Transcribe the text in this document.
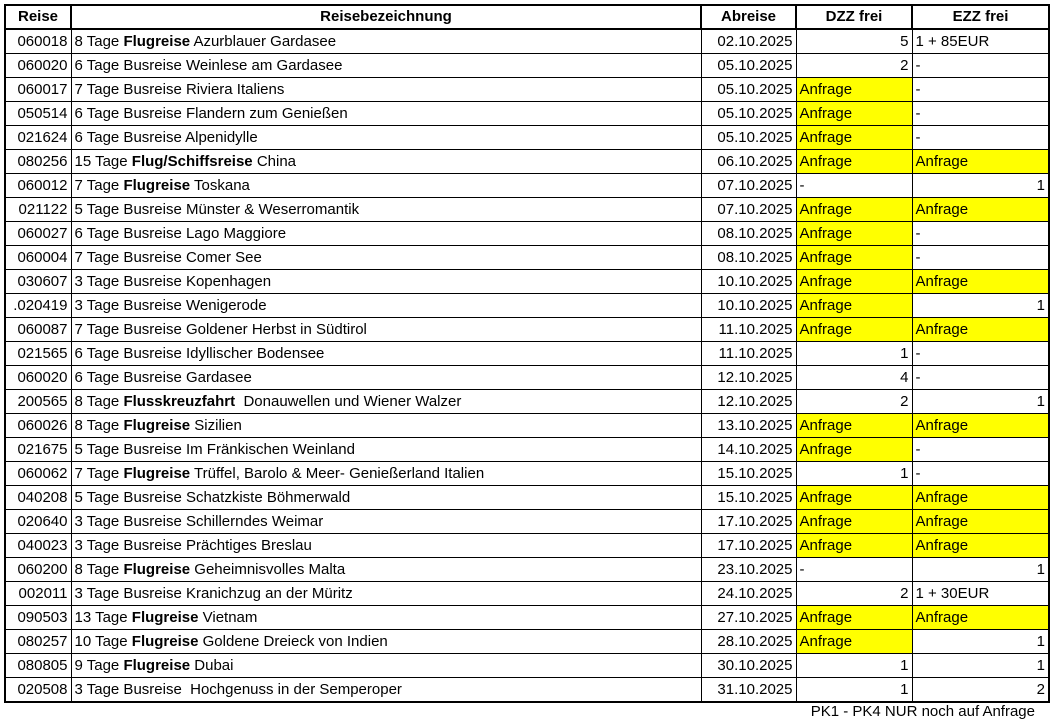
Reise	Reisebezeichnung	Abreise	DZZ frei	EZZ frei
060018	8 Tage Flugreise Azurblauer Gardasee	02.10.2025	5	1 + 85EUR
060020	6 Tage Busreise Weinlese am Gardasee	05.10.2025	2	-
060017	7 Tage Busreise Riviera Italiens	05.10.2025	Anfrage	-
050514	6 Tage Busreise Flandern zum Genießen	05.10.2025	Anfrage	-
021624	6 Tage Busreise Alpenidylle	05.10.2025	Anfrage	-
080256	15 Tage Flug/Schiffsreise China	06.10.2025	Anfrage	Anfrage
060012	7 Tage Flugreise Toskana	07.10.2025	-	1
021122	5 Tage Busreise Münster & Weserromantik	07.10.2025	Anfrage	Anfrage
060027	6 Tage Busreise Lago Maggiore	08.10.2025	Anfrage	-
060004	7 Tage Busreise Comer See	08.10.2025	Anfrage	-
030607	3 Tage Busreise Kopenhagen	10.10.2025	Anfrage	Anfrage
.020419	3 Tage Busreise Wenigerode	10.10.2025	Anfrage	1
060087	7 Tage Busreise Goldener Herbst in Südtirol	11.10.2025	Anfrage	Anfrage
021565	6 Tage Busreise Idyllischer Bodensee	11.10.2025	1	-
060020	6 Tage Busreise Gardasee	12.10.2025	4	-
200565	8 Tage Flusskreuzfahrt  Donauwellen und Wiener Walzer	12.10.2025	2	1
060026	8 Tage Flugreise Sizilien	13.10.2025	Anfrage	Anfrage
021675	5 Tage Busreise Im Fränkischen Weinland	14.10.2025	Anfrage	-
060062	7 Tage Flugreise Trüffel, Barolo & Meer- Genießerland Italien	15.10.2025	1	-
040208	5 Tage Busreise Schatzkiste Böhmerwald	15.10.2025	Anfrage	Anfrage
020640	3 Tage Busreise Schillerndes Weimar	17.10.2025	Anfrage	Anfrage
040023	3 Tage Busreise Prächtiges Breslau	17.10.2025	Anfrage	Anfrage
060200	8 Tage Flugreise Geheimnisvolles Malta	23.10.2025	-	1
002011	3 Tage Busreise Kranichzug an der Müritz	24.10.2025	2	1 + 30EUR
090503	13 Tage Flugreise Vietnam	27.10.2025	Anfrage	Anfrage
080257	10 Tage Flugreise Goldene Dreieck von Indien	28.10.2025	Anfrage	1
080805	9 Tage Flugreise Dubai	30.10.2025	1	1
020508	3 Tage Busreise  Hochgenuss in der Semperoper	31.10.2025	1	2
PK1 - PK4 NUR noch auf Anfrage
